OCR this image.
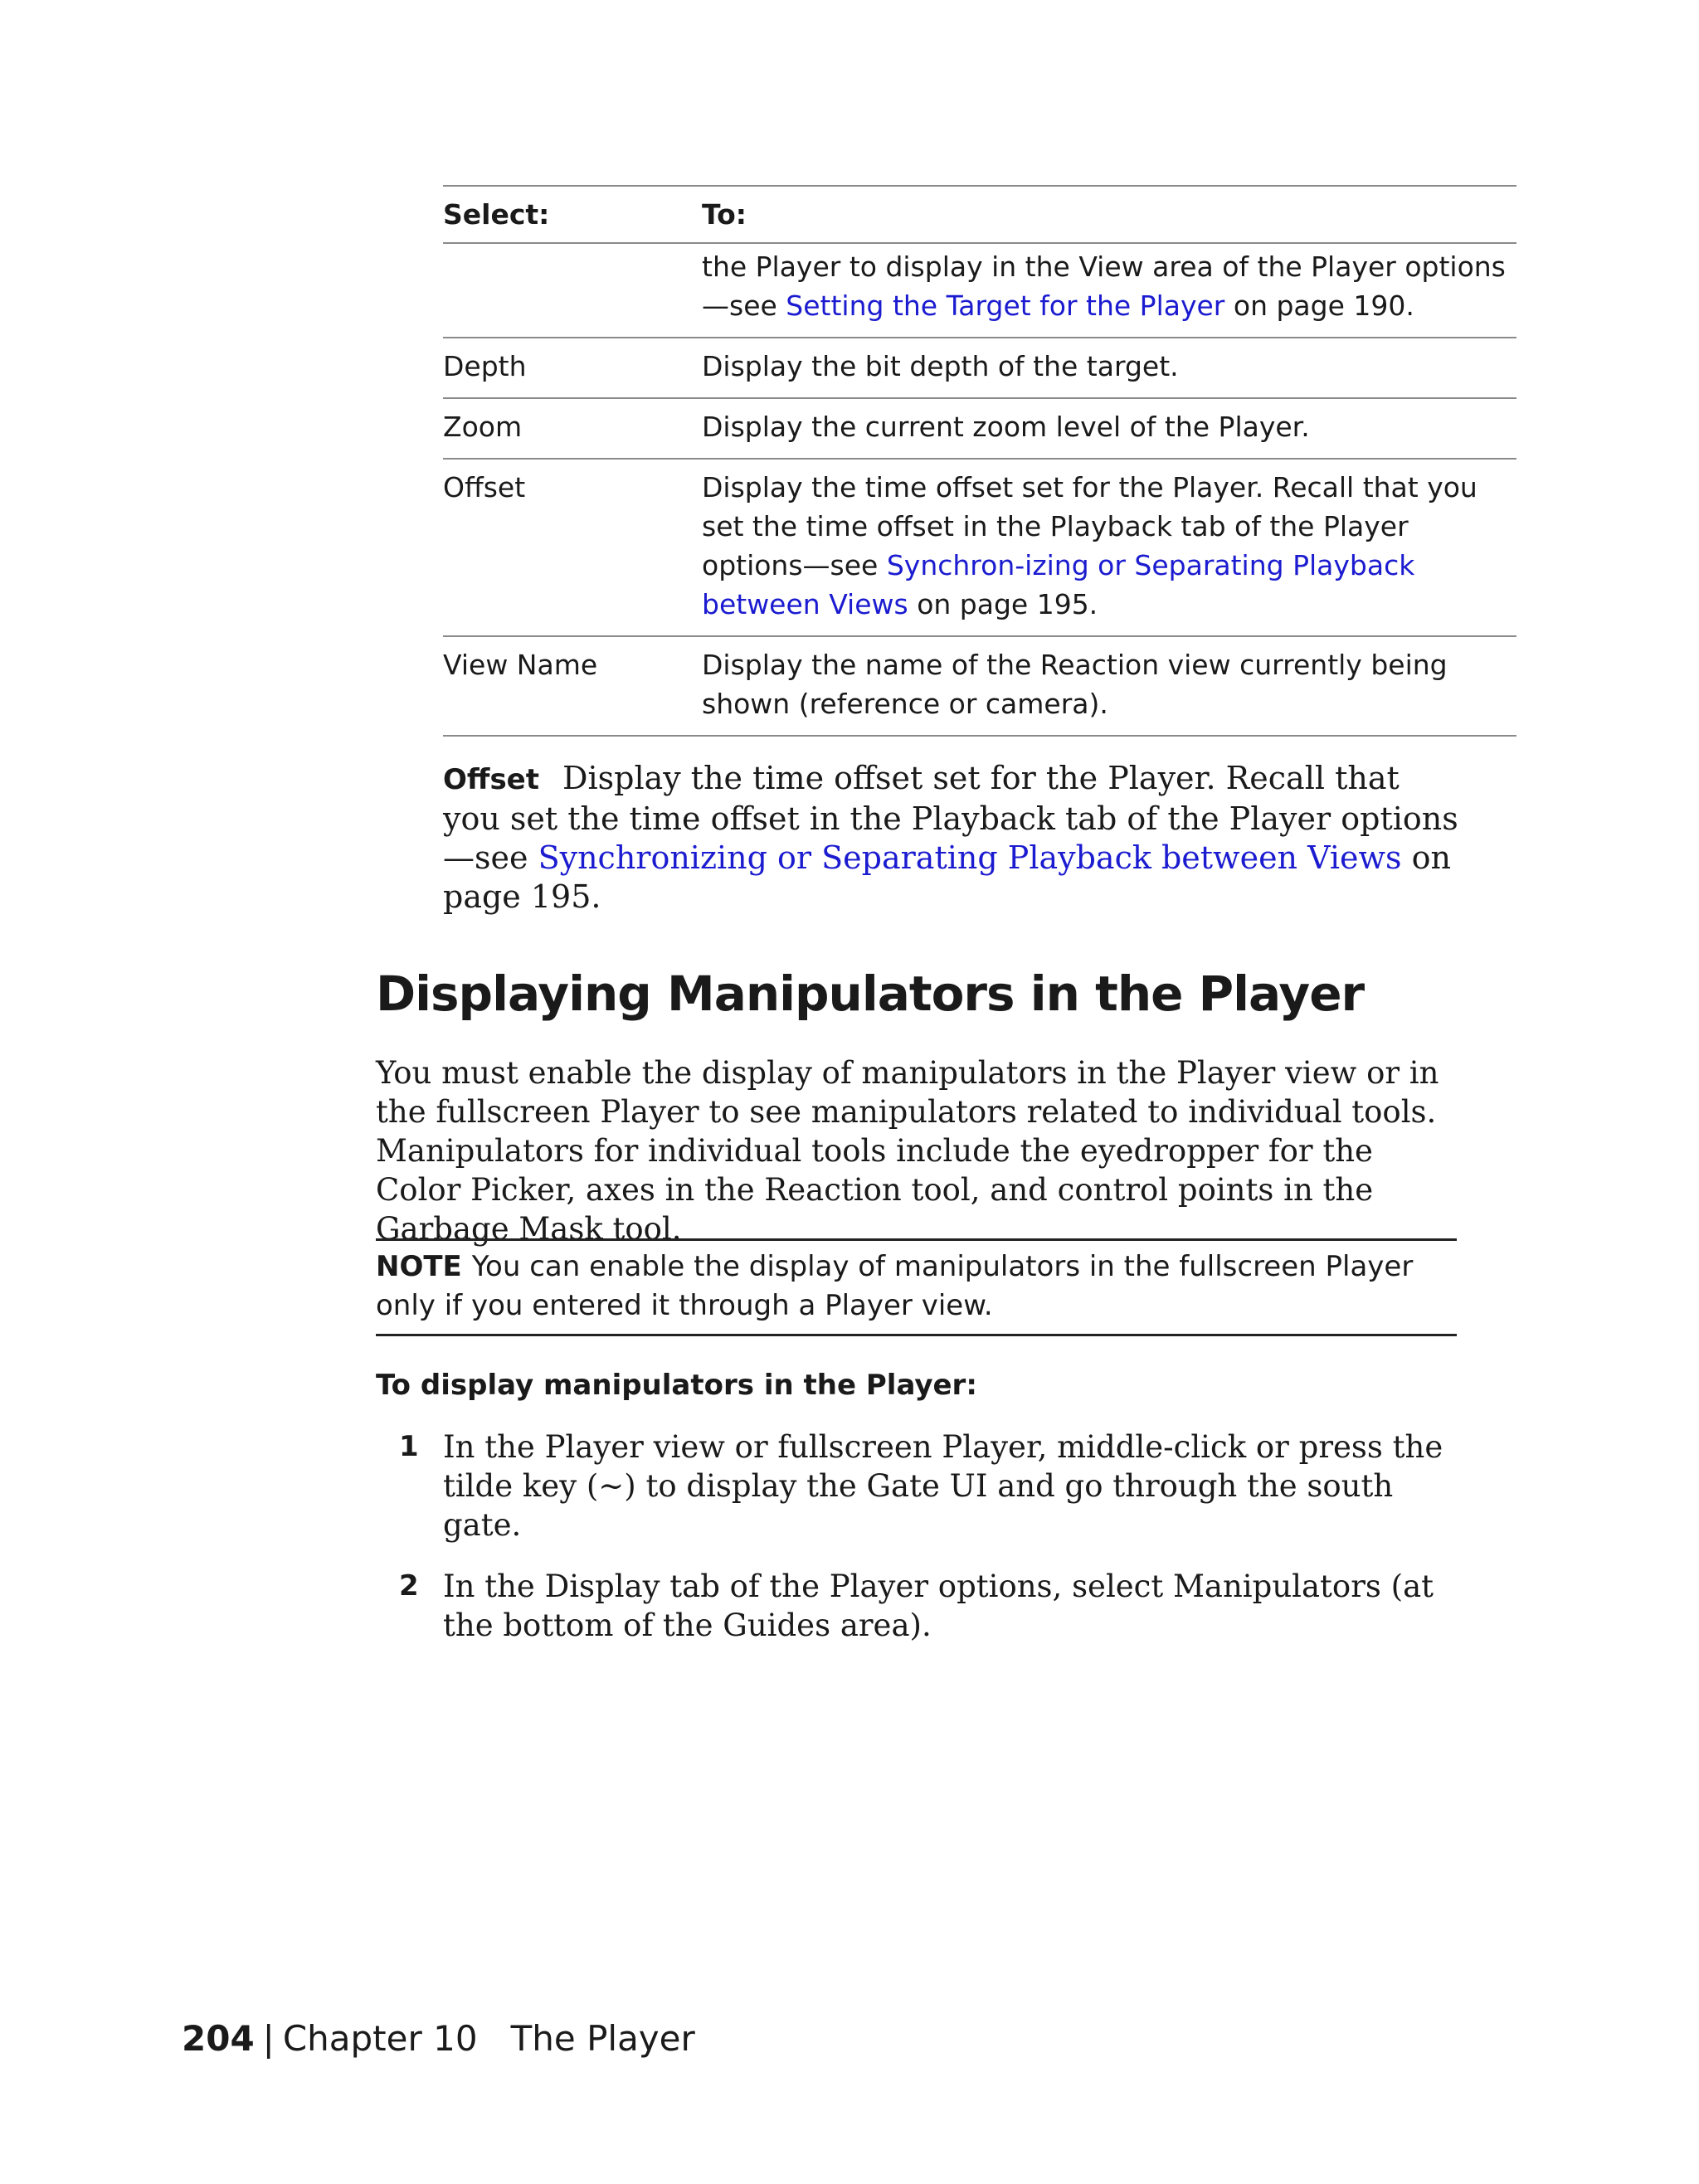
Select:	To:
	the Player to display in the View area of the Player options—see Setting the Target for the Player on page 190.
Depth	Display the bit depth of the target.
Zoom	Display the current zoom level of the Player.
Offset	Display the time offset set for the Player. Recall that you set the time offset in the Playback tab of the Player options—see Synchron-izing or Separating Playback between Views on page 195.
View Name	Display the name of the Reaction view currently being shown (reference or camera).

Offset Display the time offset set for the Player. Recall that you set the time offset in the Playback tab of the Player options—see Synchronizing or Separating Playback between Views on page 195.

Displaying Manipulators in the Player

You must enable the display of manipulators in the Player view or in the fullscreen Player to see manipulators related to individual tools. Manipulators for individual tools include the eyedropper for the Color Picker, axes in the Reaction tool, and control points in the Garbage Mask tool.

NOTE You can enable the display of manipulators in the fullscreen Player only if you entered it through a Player view.

To display manipulators in the Player:

1 In the Player view or fullscreen Player, middle-click or press the tilde key (~) to display the Gate UI and go through the south gate.
2 In the Display tab of the Player options, select Manipulators (at the bottom of the Guides area).
204 | Chapter 10 The Player
